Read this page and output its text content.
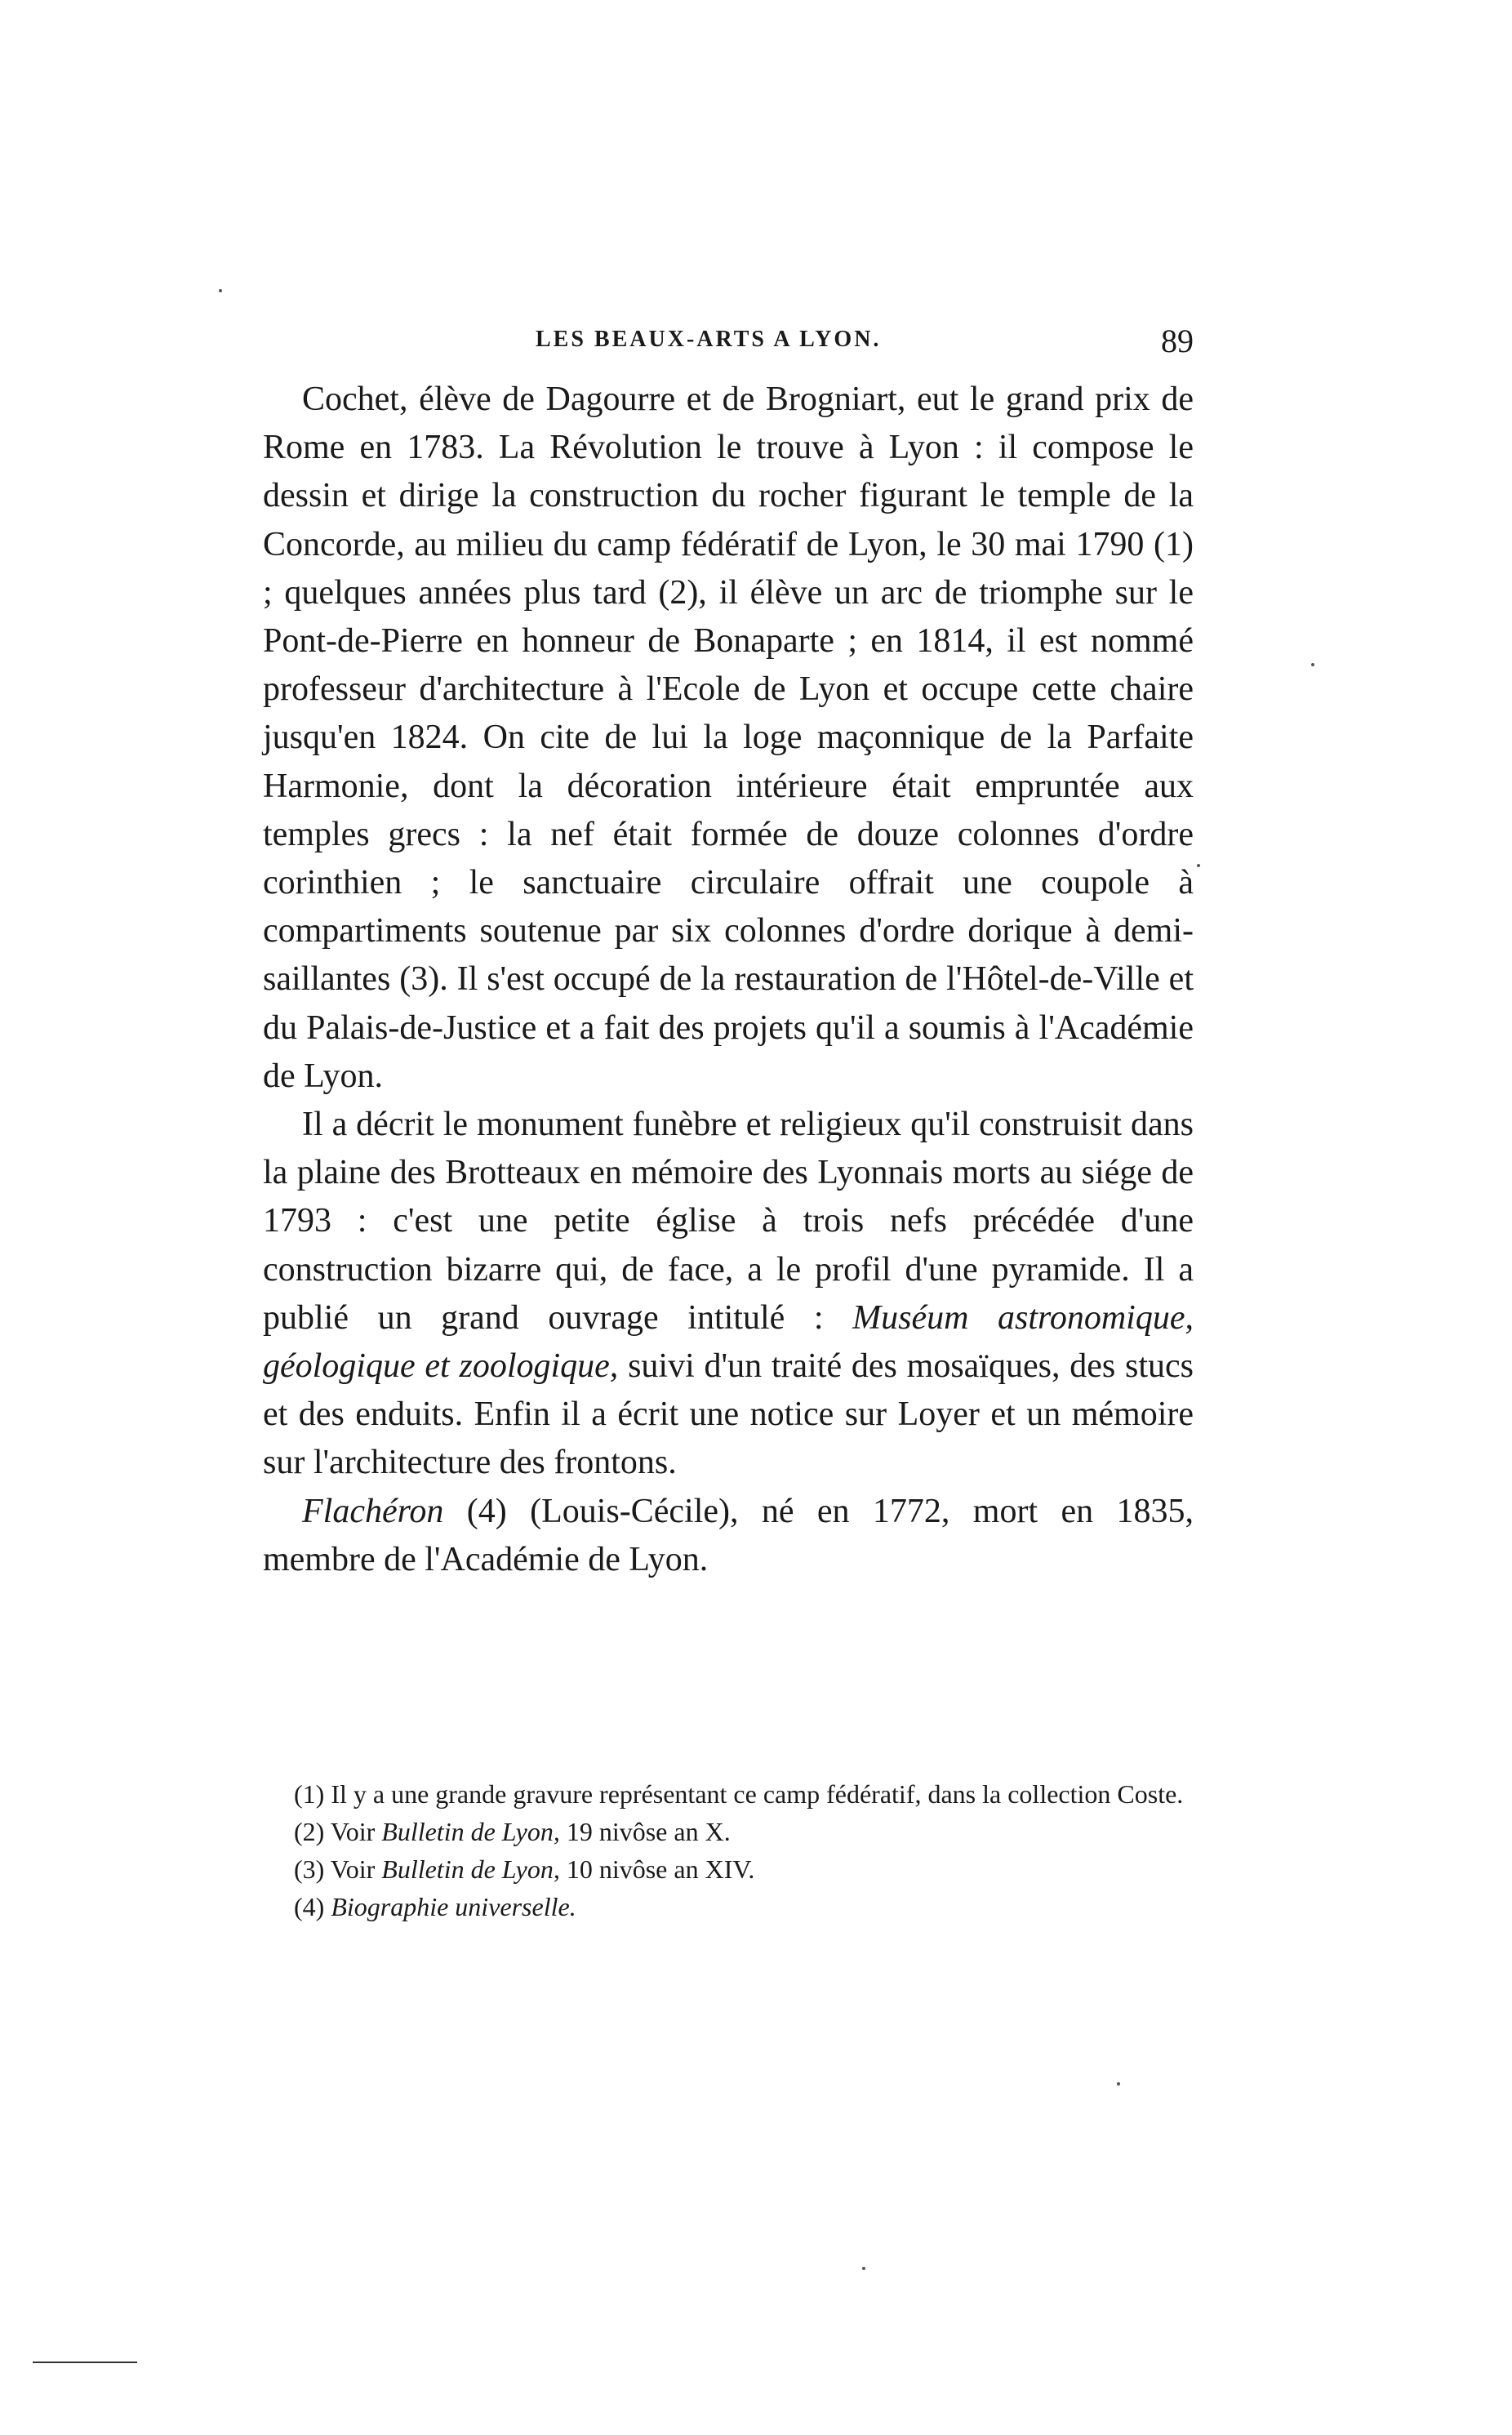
LES BEAUX-ARTS A LYON.	89

Cochet, élève de Dagourre et de Brogniart, eut le grand prix de Rome en 1783. La Révolution le trouve à Lyon : il compose le dessin et dirige la construction du rocher figurant le temple de la Concorde, au milieu du camp fédératif de Lyon, le 30 mai 1790 (1) ; quelques années plus tard (2), il élève un arc de triomphe sur le Pont-de-Pierre en honneur de Bonaparte ; en 1814, il est nommé professeur d'architecture à l'Ecole de Lyon et occupe cette chaire jusqu'en 1824. On cite de lui la loge maçonnique de la Parfaite Harmonie, dont la décoration intérieure était empruntée aux temples grecs : la nef était formée de douze colonnes d'ordre corinthien ; le sanctuaire circulaire offrait une coupole à compartiments soutenue par six colonnes d'ordre dorique à demi-saillantes (3). Il s'est occupé de la restauration de l'Hôtel-de-Ville et du Palais-de-Justice et a fait des projets qu'il a soumis à l'Académie de Lyon.

Il a décrit le monument funèbre et religieux qu'il construisit dans la plaine des Brotteaux en mémoire des Lyonnais morts au siége de 1793 : c'est une petite église à trois nefs précédée d'une construction bizarre qui, de face, a le profil d'une pyramide. Il a publié un grand ouvrage intitulé : Muséum astronomique, géologique et zoologique, suivi d'un traité des mosaïques, des stucs et des enduits. Enfin il a écrit une notice sur Loyer et un mémoire sur l'architecture des frontons.

Flachéron (4) (Louis-Cécile), né en 1772, mort en 1835, membre de l'Académie de Lyon.

(1) Il y a une grande gravure représentant ce camp fédératif, dans la collection Coste.

(2) Voir Bulletin de Lyon, 19 nivôse an X.

(3) Voir Bulletin de Lyon, 10 nivôse an XIV.

(4) Biographie universelle.
